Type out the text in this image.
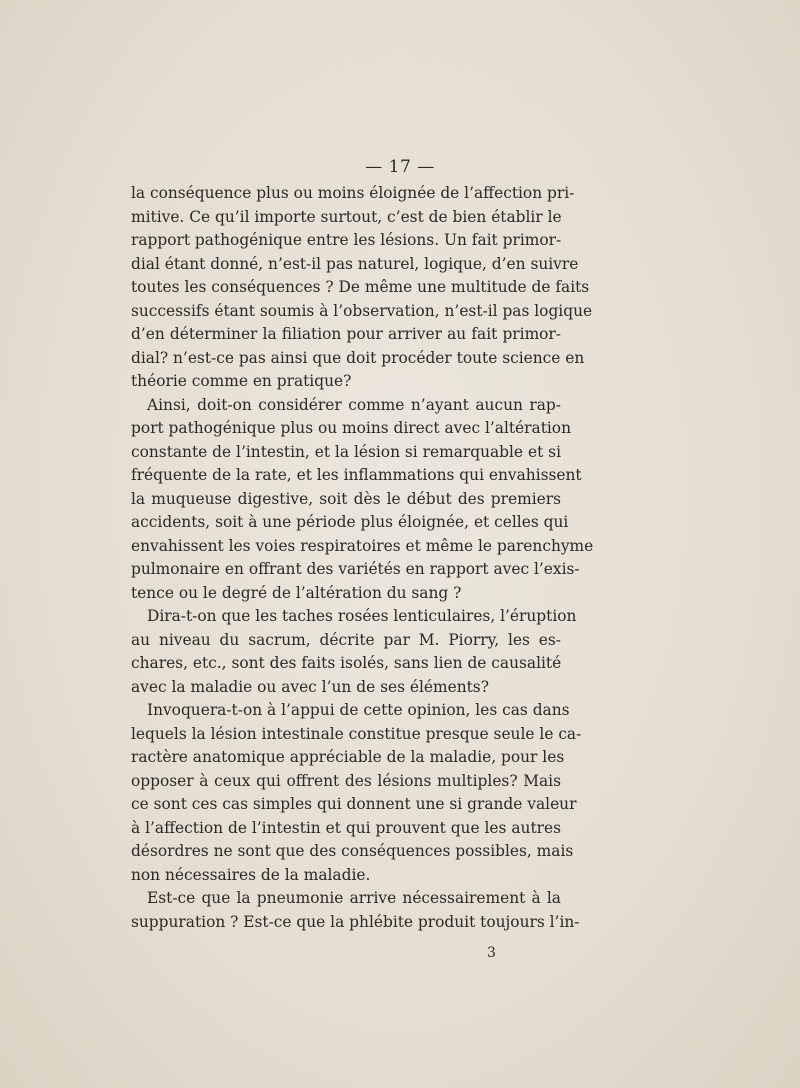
— 17 —
la conséquence plus ou moins éloignée de l’affection pri-
mitive. Ce qu’il importe surtout, c’est de bien établir le
rapport pathogénique entre les lésions. Un fait primor-
dial étant donné, n’est-il pas naturel, logique, d’en suivre
toutes les conséquences ? De même une multitude de faits
successifs étant soumis à l’observation, n’est-il pas logique
d’en déterminer la filiation pour arriver au fait primor-
dial? n’est-ce pas ainsi que doit procéder toute science en
théorie comme en pratique?
Ainsi, doit-on considérer comme n’ayant aucun rap-
port pathogénique plus ou moins direct avec l’altération
constante de l’intestin, et la lésion si remarquable et si
fréquente de la rate, et les inflammations qui envahissent
la muqueuse digestive, soit dès le début des premiers
accidents, soit à une période plus éloignée, et celles qui
envahissent les voies respiratoires et même le parenchyme
pulmonaire en offrant des variétés en rapport avec l’exis-
tence ou le degré de l’altération du sang ?
Dira-t-on que les taches rosées lenticulaires, l’éruption
au niveau du sacrum, décrite par M. Piorry, les es-
chares, etc., sont des faits isolés, sans lien de causalité
avec la maladie ou avec l’un de ses éléments?
Invoquera-t-on à l’appui de cette opinion, les cas dans
lequels la lésion intestinale constitue presque seule le ca-
ractère anatomique appréciable de la maladie, pour les
opposer à ceux qui offrent des lésions multiples? Mais
ce sont ces cas simples qui donnent une si grande valeur
à l’affection de l’intestin et qui prouvent que les autres
désordres ne sont que des conséquences possibles, mais
non nécessaires de la maladie.
Est-ce que la pneumonie arrive nécessairement à la
suppuration ? Est-ce que la phlébite produit toujours l’in-
3
